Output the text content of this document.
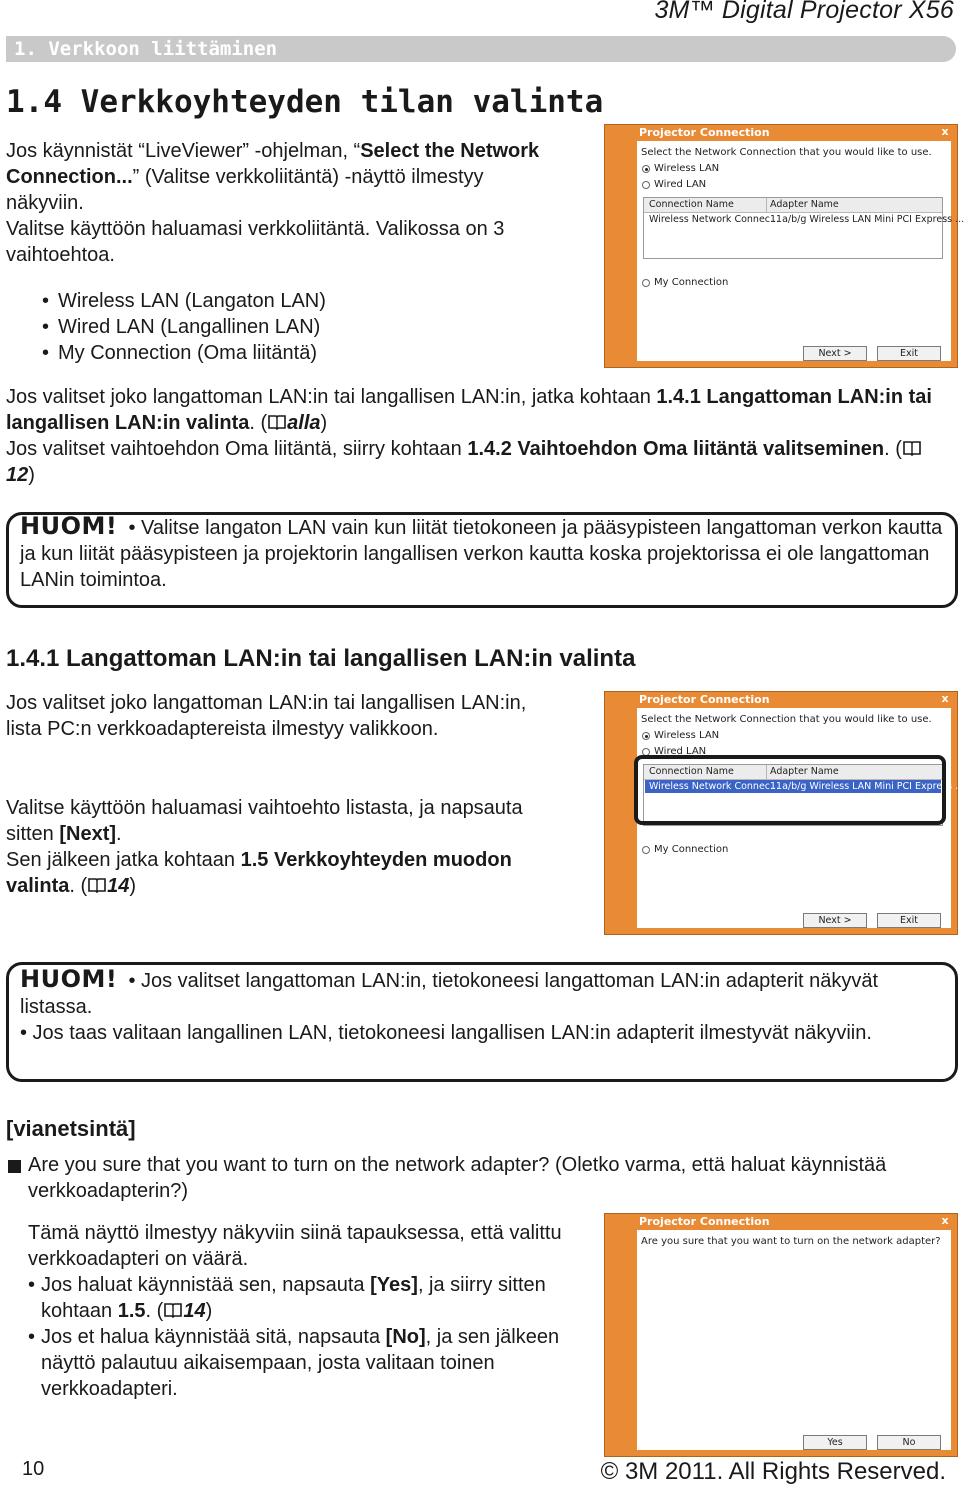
3M™ Digital Projector X56
1. Verkkoon liittäminen
1.4 Verkkoyhteyden tilan valinta
Jos käynnistät “LiveViewer” -ohjelman, “Select the Network Connection...” (Valitse verkkoliitäntä) -näyttö ilmestyy näkyviin.
Valitse käyttöön haluamasi verkkoliitäntä. Valikossa on 3 vaihtoehtoa.
• Wireless LAN (Langaton LAN)
• Wired LAN (Langallinen LAN)
• My Connection (Oma liitäntä)
Projector Connection	x
Select the Network Connection that you would like to use.
Wireless LAN
Wired LAN
Connection Name	Adapter Name
Wireless Network Connec...
11a/b/g Wireless LAN Mini PCI Express ...
My Connection
Next >	Exit
Jos valitset joko langattoman LAN:in tai langallisen LAN:in, jatka kohtaan 1.4.1 Langattoman LAN:in tai langallisen LAN:in valinta. ( alla)
Jos valitset vaihtoehdon Oma liitäntä, siirry kohtaan 1.4.2 Vaihtoehdon Oma liitäntä valitseminen. (12)
HUOM! • Valitse langaton LAN vain kun liität tietokoneen ja pääsypisteen langattoman verkon kautta ja kun liität pääsypisteen ja projektorin langallisen verkon kautta koska projektorissa ei ole langattoman LANin toimintoa.
1.4.1 Langattoman LAN:in tai langallisen LAN:in valinta
Jos valitset joko langattoman LAN:in tai langallisen LAN:in, lista PC:n verkkoadaptereista ilmestyy valikkoon.
Valitse käyttöön haluamasi vaihtoehto listasta, ja napsauta sitten [Next].
Sen jälkeen jatka kohtaan 1.5 Verkkoyhteyden muodon valinta. ( 14)
Projector Connection	x
Select the Network Connection that you would like to use.
Wireless LAN
Wired LAN
Connection Name	Adapter Name
Wireless Network Connec...
11a/b/g Wireless LAN Mini PCI Express ...
My Connection
Next >	Exit
HUOM! • Jos valitset langattoman LAN:in, tietokoneesi langattoman LAN:in adapterit näkyvät listassa.
• Jos taas valitaan langallinen LAN, tietokoneesi langallisen LAN:in adapterit ilmestyvät näkyviin.
[vianetsintä]
Are you sure that you want to turn on the network adapter? (Oletko varma, että haluat käynnistää verkkoadapterin?)
Tämä näyttö ilmestyy näkyviin siinä tapauksessa, että valittu verkkoadapteri on väärä.
• Jos haluat käynnistää sen, napsauta [Yes], ja siirry sitten kohtaan 1.5. ( 14)
• Jos et halua käynnistää sitä, napsauta [No], ja sen jälkeen näyttö palautuu aikaisempaan, josta valitaan toinen verkkoadapteri.
Projector Connection	x
Are you sure that you want to turn on the network adapter?
Yes	No
10	© 3M 2011. All Rights Reserved.
